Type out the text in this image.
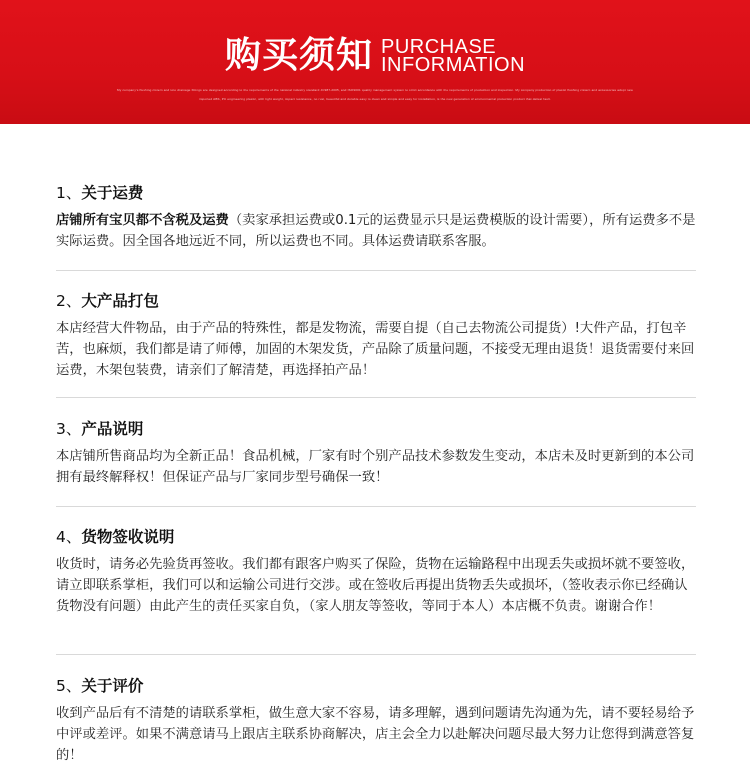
购买须知 PURCHASE
INFORMATION
My company's flushing cistern and toto drainage fittings are designed according to the requirements of the national industry standard JC987-2005, and ISO9001 quality management system to strict accordance with the requirements of production and inspection. My company production of plastic flushing cistern and accessories adopt new imported ABS, PC engineering plastic, with light weight, impact resistance, no rust, beautiful and durable easy to clean and simple and easy for installation, is the new generation of environmental protection product that defeat fault.
1、关于运费

店铺所有宝贝都不含税及运费（卖家承担运费或0.1元的运费显示只是运费模版的设计需要），所有运费多不是实际运费。因全国各地远近不同，所以运费也不同。具体运费请联系客服。

2、大产品打包

本店经营大件物品，由于产品的特殊性，都是发物流，需要自提（自己去物流公司提货）!大件产品，打包辛苦，也麻烦，我们都是请了师傅，加固的木架发货，产品除了质量问题，不接受无理由退货！退货需要付来回运费，木架包装费，请亲们了解清楚，再选择拍产品！

3、产品说明

本店铺所售商品均为全新正品！食品机械，厂家有时个别产品技术参数发生变动，本店未及时更新到的本公司拥有最终解释权！但保证产品与厂家同步型号确保一致！

4、货物签收说明

收货时，请务必先验货再签收。我们都有跟客户购买了保险，货物在运输路程中出现丢失或损坏就不要签收，请立即联系掌柜，我们可以和运输公司进行交涉。或在签收后再提出货物丢失或损坏，（签收表示你已经确认货物没有问题）由此产生的责任买家自负，（家人朋友等签收，等同于本人）本店概不负责。谢谢合作！

5、关于评价

收到产品后有不清楚的请联系掌柜，做生意大家不容易，请多理解，遇到问题请先沟通为先，请不要轻易给予中评或差评。如果不满意请马上跟店主联系协商解决，店主会全力以赴解决问题尽最大努力让您得到满意答复的！
